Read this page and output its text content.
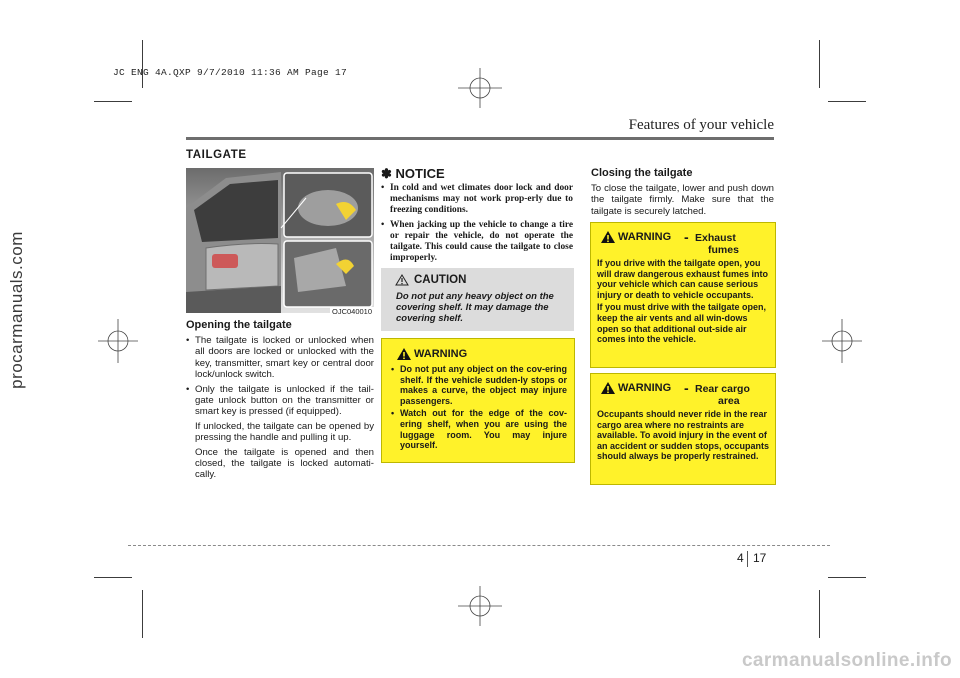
JC ENG 4A.QXP 9/7/2010 11:36 AM Page 17
procarmanuals.com
carmanualsonline.info
Features of your vehicle
TAILGATE
OJC040010
Opening the tailgate
• The tailgate is locked or unlocked when all doors are locked or unlocked with the key, transmitter, smart key or central door lock/unlock switch.
• Only the tailgate is unlocked if the tail-gate unlock button on the transmitter or smart key is pressed (if equipped).
If unlocked, the tailgate can be opened by pressing the handle and pulling it up.
Once the tailgate is opened and then closed, the tailgate is locked automati-cally.
✽ NOTICE
• In cold and wet climates door lock and door mechanisms may not work prop-erly due to freezing conditions.
• When jacking up the vehicle to change a tire or repair the vehicle, do not operate the tailgate. This could cause the tailgate to close improperly.
CAUTION
Do not put any heavy object on the covering shelf. It may damage the covering shelf.
WARNING
• Do not put any object on the cov-ering shelf. If the vehicle sudden-ly stops or makes a curve, the object may injure passengers.
• Watch out for the edge of the cov-ering shelf, when you are using the luggage room. You may injure yourself.
Closing the tailgate
To close the tailgate, lower and push down the tailgate firmly. Make sure that the tailgate is securely latched.
WARNING - Exhaust
fumes
If you drive with the tailgate open, you will draw dangerous exhaust fumes into your vehicle which can cause serious injury or death to vehicle occupants.
If you must drive with the tailgate open, keep the air vents and all win-dows open so that additional out-side air comes into the vehicle.
WARNING - Rear cargo
area
Occupants should never ride in the rear cargo area where no restraints are available. To avoid injury in the event of an accident or sudden stops, occupants should always be properly restrained.
4 17
